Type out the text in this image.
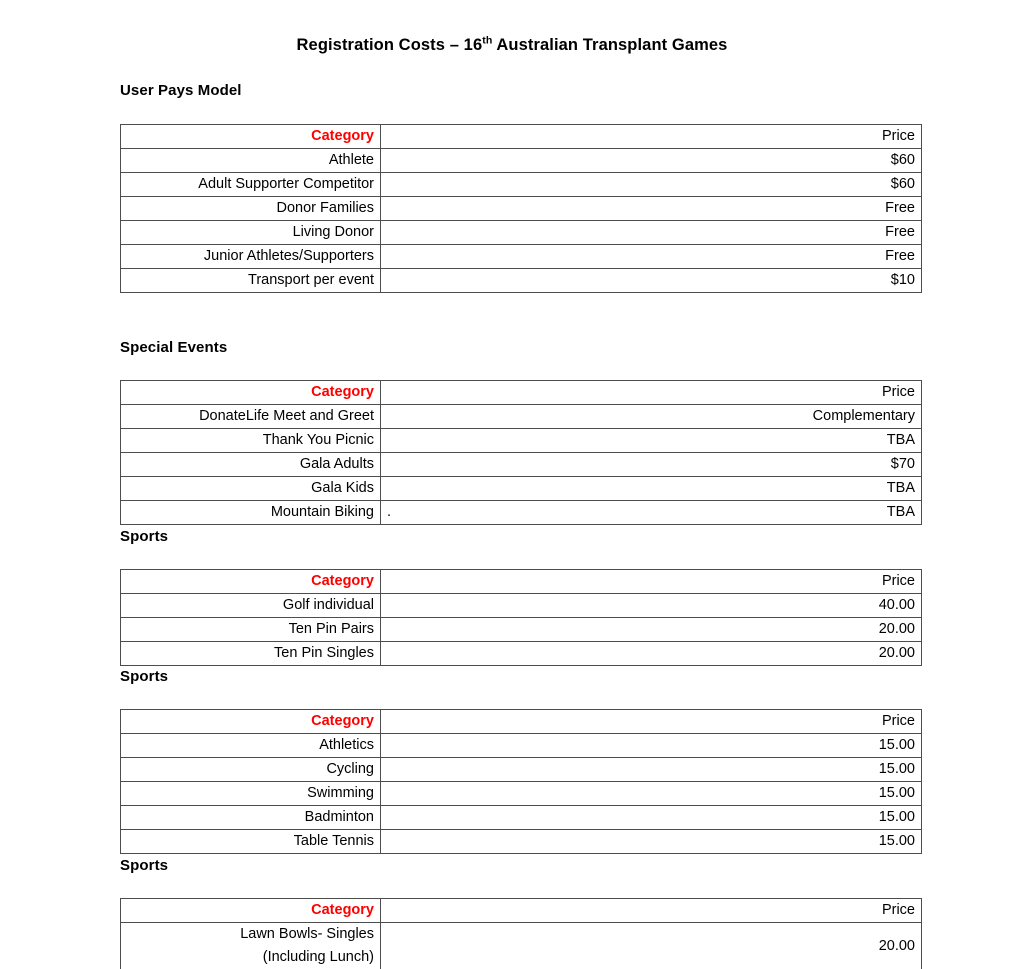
Registration Costs – 16th Australian Transplant Games
User Pays Model
Category	Price
Athlete	$60
Adult Supporter Competitor	$60
Donor Families	Free
Living Donor	Free
Junior Athletes/Supporters	Free
Transport per event	$10
Special Events
Category	Price
DonateLife Meet and Greet	Complementary
Thank You Picnic	TBA
Gala Adults	$70
Gala Kids	TBA
Mountain Biking	. TBA
Sports
Category	Price
Golf individual	40.00
Ten Pin Pairs	20.00
Ten Pin Singles	20.00
Sports
Category	Price
Athletics	15.00
Cycling	15.00
Swimming	15.00
Badminton	15.00
Table Tennis	15.00
Sports
Category	Price

Lawn Bowls- Singles
(Including Lunch)	20.00
